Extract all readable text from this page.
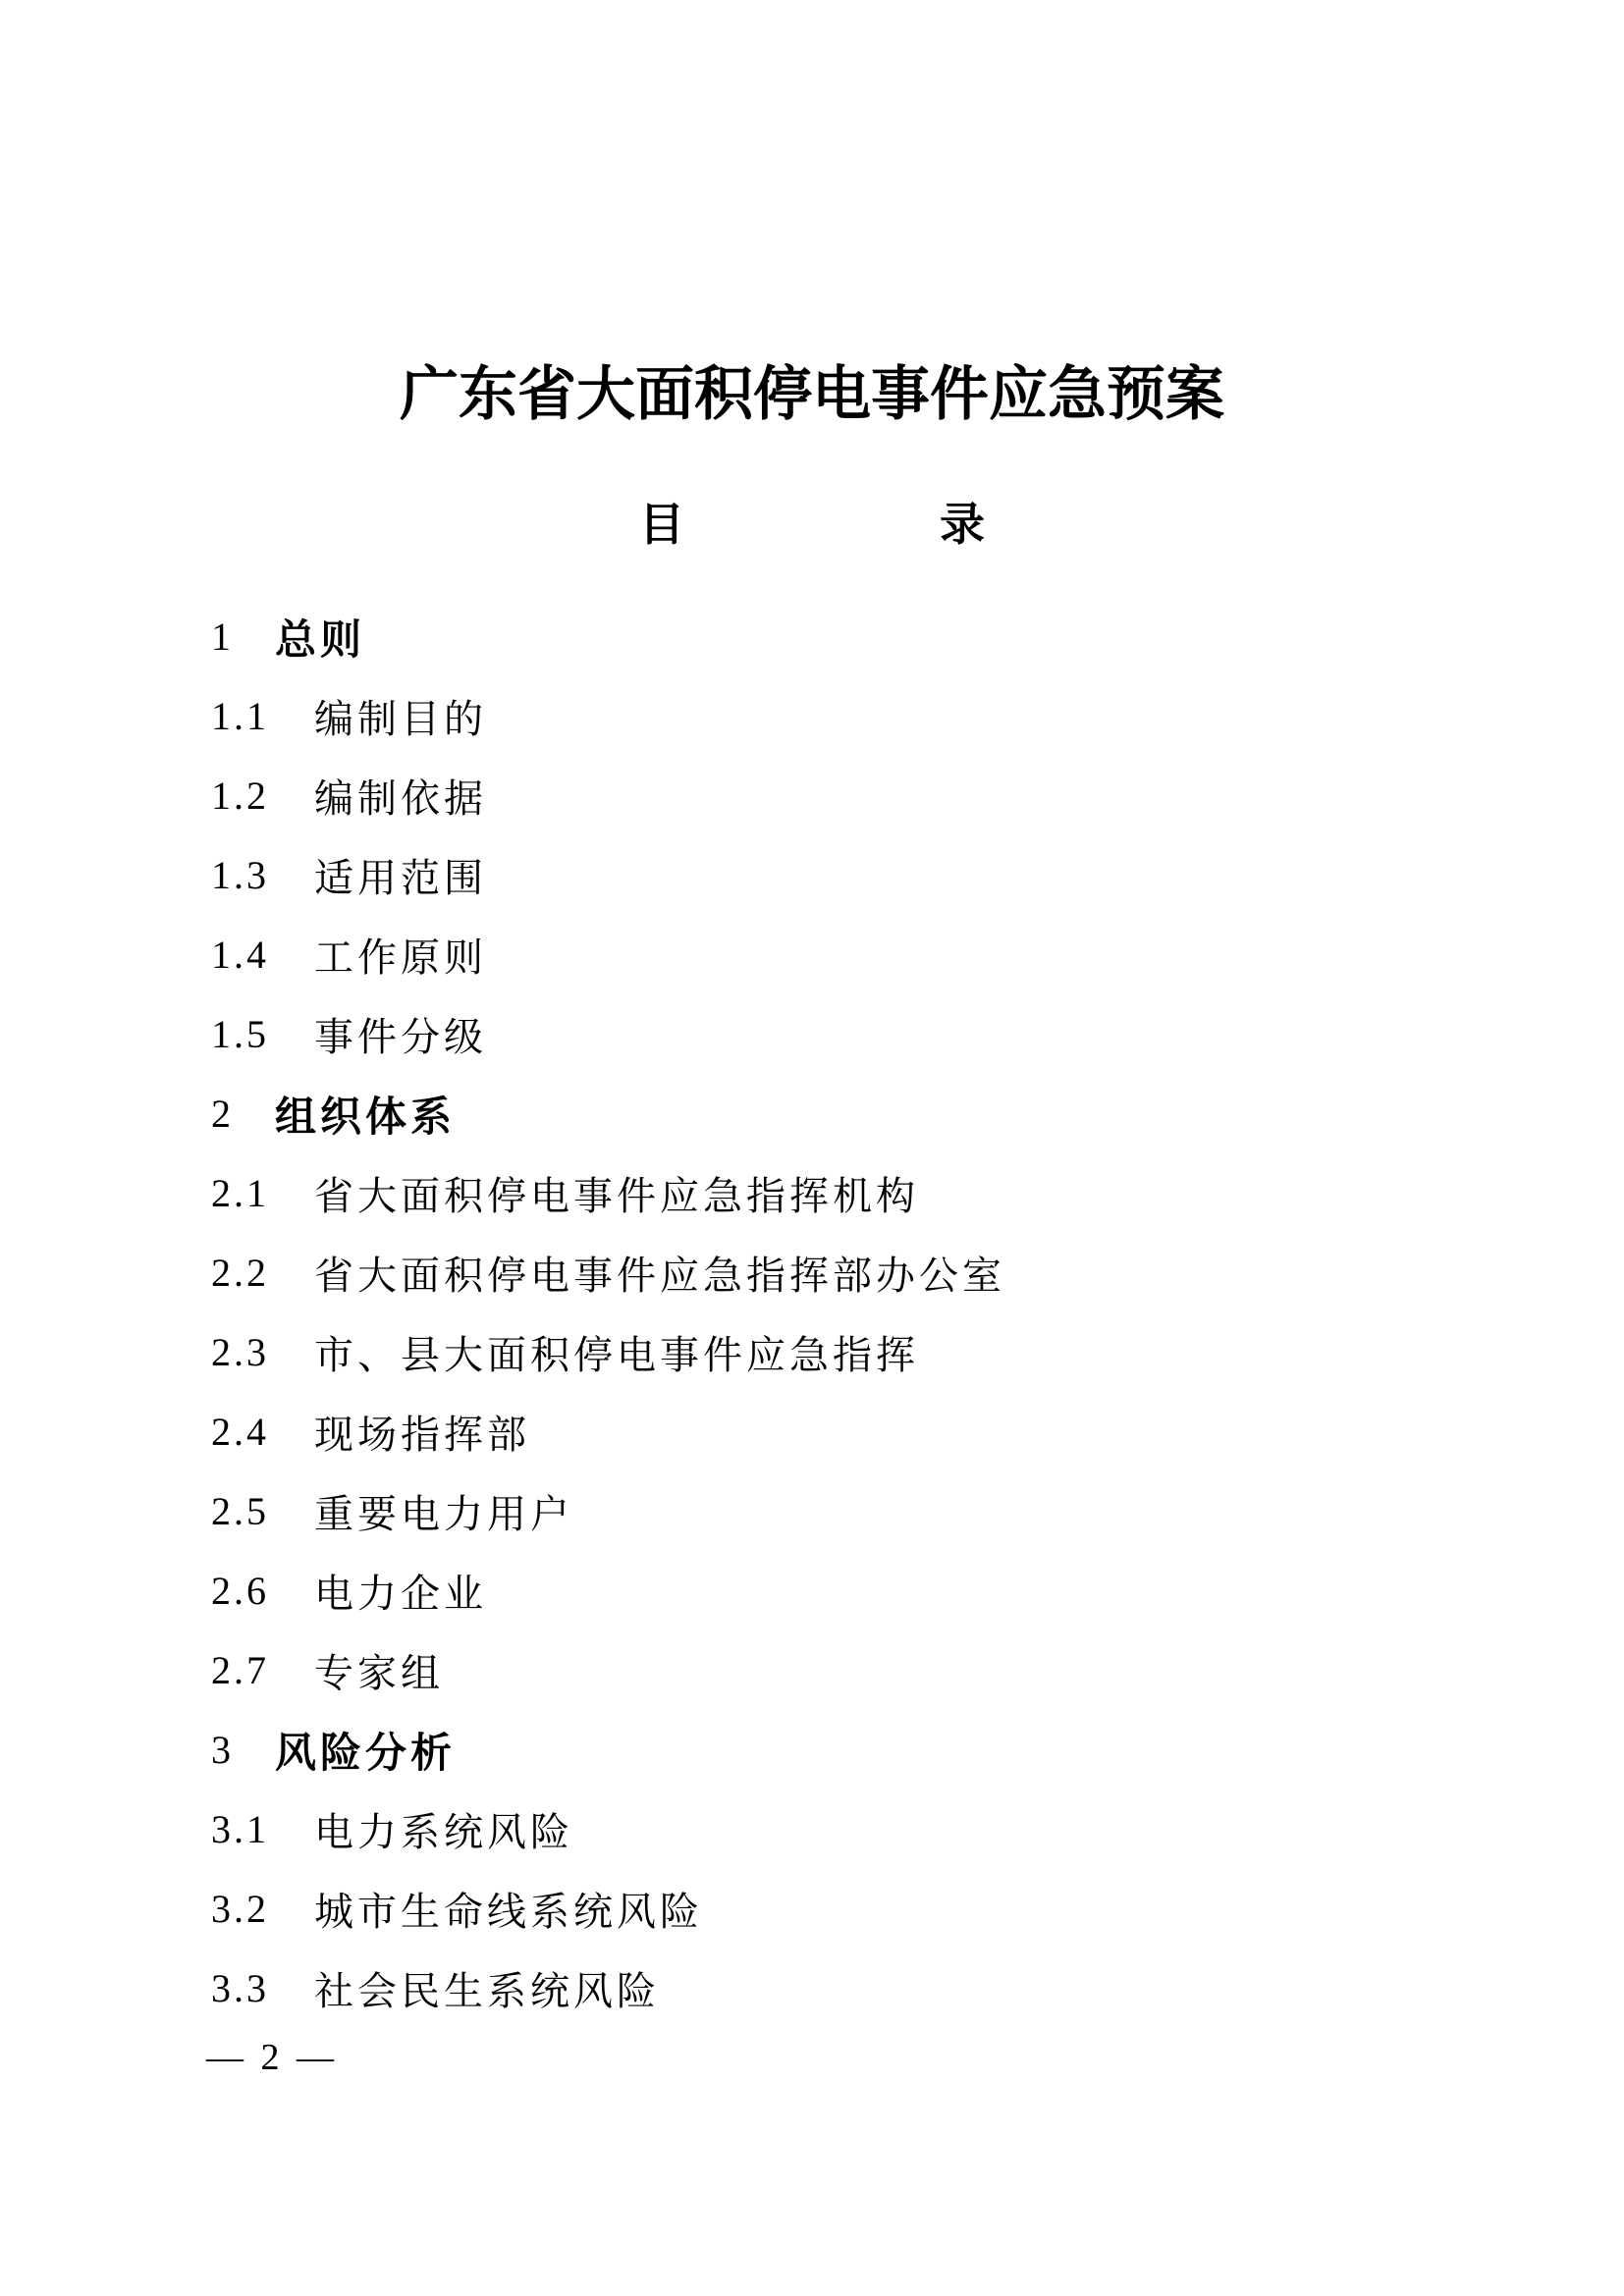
广东省大面积停电事件应急预案
目	录
1	总则
1.1	编制目的
1.2	编制依据
1.3	适用范围
1.4	工作原则
1.5	事件分级
2	组织体系
2.1	省大面积停电事件应急指挥机构
2.2	省大面积停电事件应急指挥部办公室
2.3	市、县大面积停电事件应急指挥
2.4	现场指挥部
2.5	重要电力用户
2.6	电力企业
2.7	专家组
3	风险分析
3.1	电力系统风险
3.2	城市生命线系统风险
3.3	社会民生系统风险
— 2 —
